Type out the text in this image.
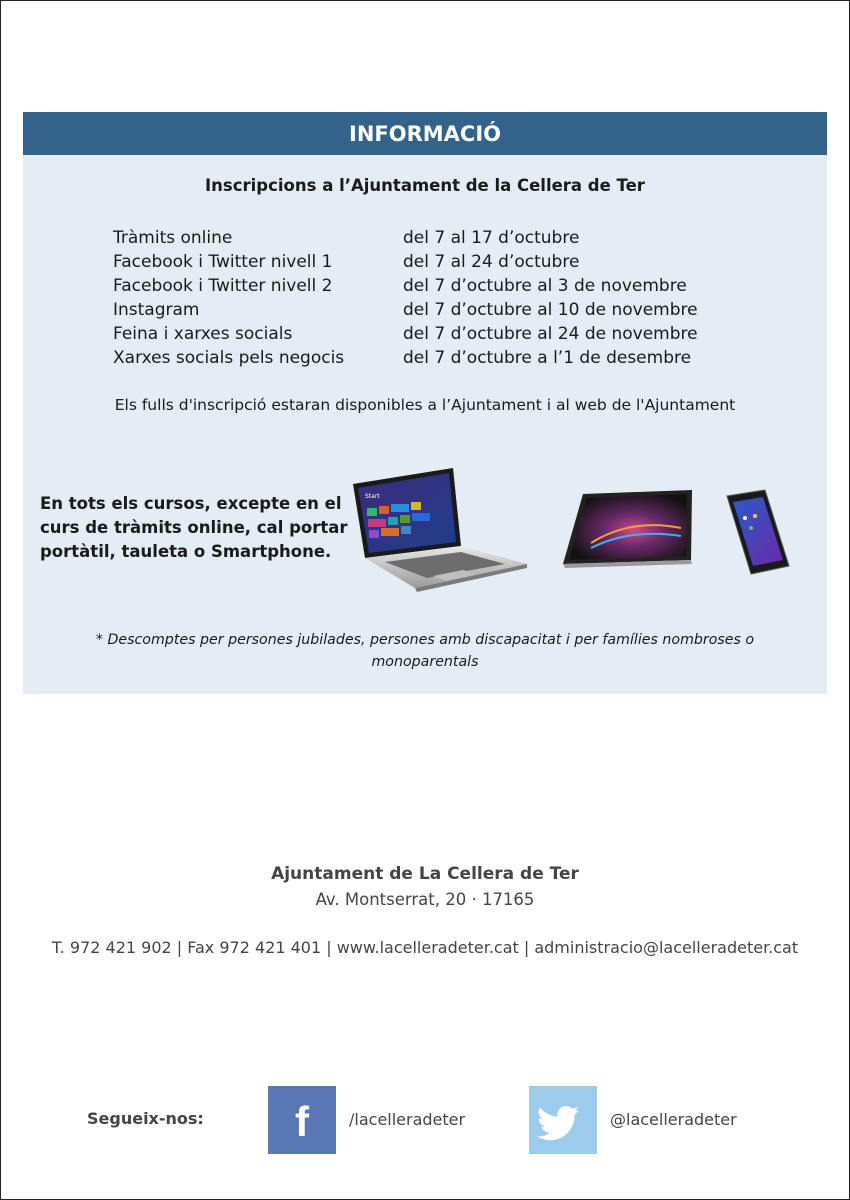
INFORMACIÓ
Inscripcions a l’Ajuntament de la Cellera de Ter
Tràmits online	del 7 al 17 d’octubre
Facebook i Twitter nivell 1	del 7 al 24 d’octubre
Facebook i Twitter nivell 2	del 7 d’octubre al 3 de novembre
Instagram	del 7 d’octubre al 10 de novembre
Feina i xarxes socials	del 7 d’octubre al 24 de novembre
Xarxes socials pels negocis	del 7 d’octubre a l’1 de desembre
Els fulls d'inscripció estaran disponibles a l’Ajuntament i al web de l'Ajuntament
En tots els cursos, excepte en el curs de tràmits online, cal portar portàtil, tauleta o Smartphone.
Start
* Descomptes per persones jubilades, persones amb discapacitat i per famílies nombroses o monoparentals
Ajuntament de La Cellera de Ter
Av. Montserrat, 20 · 17165
T. 972 421 902 | Fax 972 421 401 | www.lacelleradeter.cat | administracio@lacelleradeter.cat
Segueix-nos: f	/lacelleradeter	@lacelleradeter
